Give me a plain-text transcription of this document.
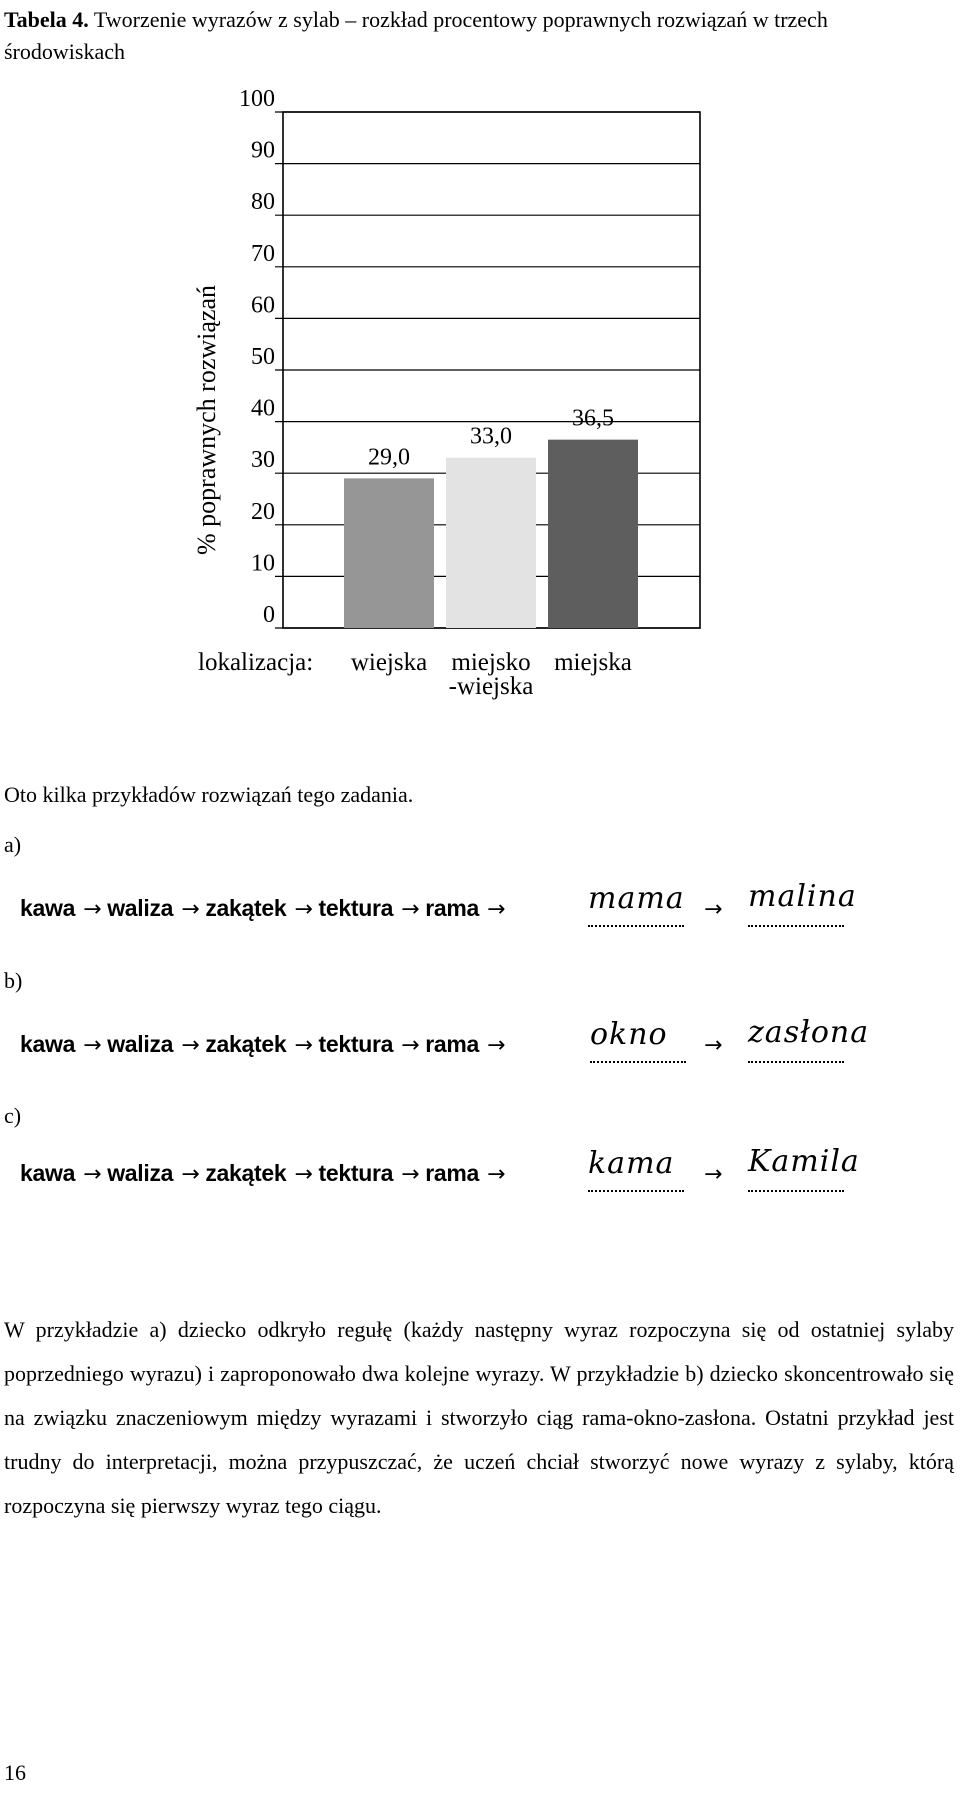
Tabela 4. Tworzenie wyrazów z sylab – rozkład procentowy poprawnych rozwiązań w trzech środowiskach
0
10
20
30
40
50
60
70
80
90
100
29,0
33,0
36,5
wiejska miejsko
-wiejska
miejska
% poprawnych rozwiązań
lokalizacja:
Oto kilka przykładów rozwiązań tego zadania.
a)
kawa → waliza → zakątek → tektura → rama →	mama → malina
b)
kawa → waliza → zakątek → tektura → rama →	okno → zasłona
c)
kawa → waliza → zakątek → tektura → rama →	kama → Kamila
W przykładzie a) dziecko odkryło regułę (każdy następny wyraz rozpoczyna się od ostatniej sylaby poprzedniego wyrazu) i zaproponowało dwa kolejne wyrazy. W przykładzie b) dziecko skoncentrowało się na związku znaczeniowym między wyrazami i stworzyło ciąg rama-okno-zasłona. Ostatni przykład jest trudny do interpretacji, można przypuszczać, że uczeń chciał stworzyć nowe wyrazy z sylaby, którą rozpoczyna się pierwszy wyraz tego ciągu.
16
